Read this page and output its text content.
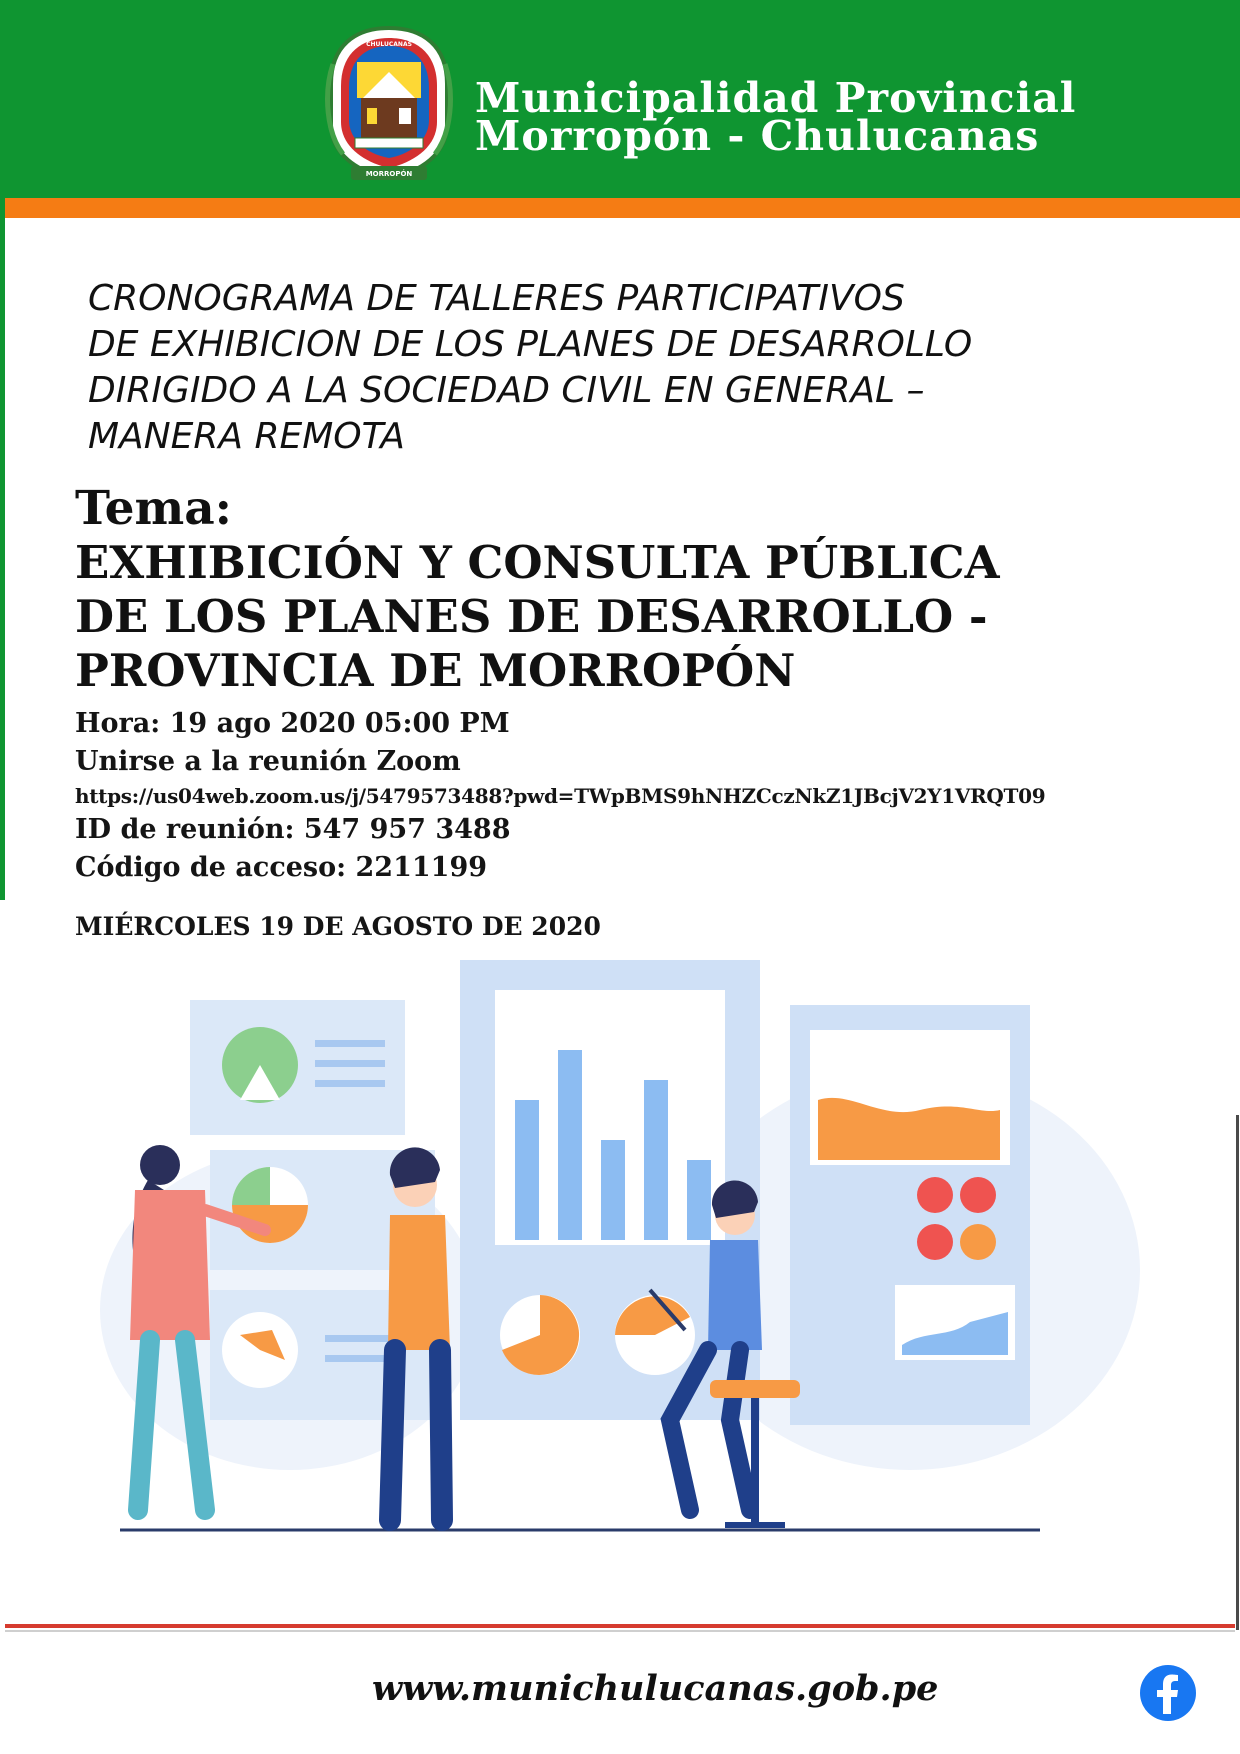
MORROPÓN
CHULUCANAS
Municipalidad Provincial
Morropón - Chulucanas
CRONOGRAMA DE TALLERES PARTICIPATIVOS
DE EXHIBICION DE LOS PLANES DE DESARROLLO
DIRIGIDO A LA SOCIEDAD CIVIL EN GENERAL –
MANERA REMOTA
Tema:
EXHIBICIÓN Y CONSULTA PÚBLICA
DE LOS PLANES DE DESARROLLO -
PROVINCIA DE MORROPÓN
Hora: 19 ago 2020 05:00 PM
Unirse a la reunión Zoom
https://us04web.zoom.us/j/5479573488?pwd=TWpBMS9hNHZCczNkZ1JBcjV2Y1VRQT09
ID de reunión: 547 957 3488
Código de acceso: 2211199
MIÉRCOLES 19 DE AGOSTO DE 2020
www.munichulucanas.gob.pe
